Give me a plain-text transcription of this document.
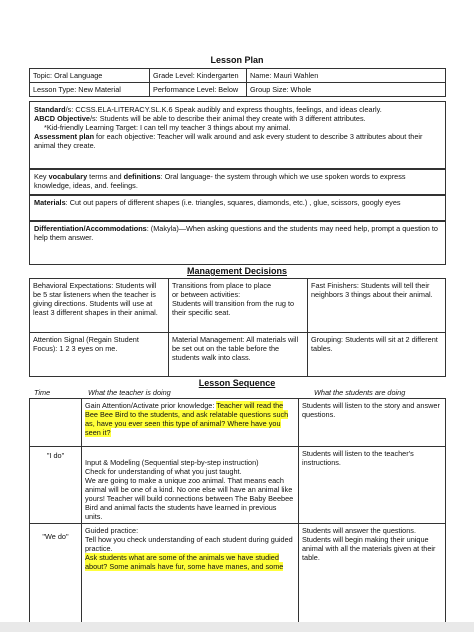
Lesson Plan
Topic: Oral Language	Grade Level: Kindergarten	Name: Mauri Wahlen
Lesson Type: New Material	Performance Level: Below	Group Size: Whole
Standard/s: CCSS.ELA-LITERACY.SL.K.6 Speak audibly and express thoughts, feelings, and ideas clearly.
ABCD Objective/s: Students will be able to describe their animal they create with 3 different attributes.
*Kid-friendly Learning Target: I can tell my teacher 3 things about my animal.
Assessment plan for each objective: Teacher will walk around and ask every student to describe 3 attributes about their animal they create.
Key vocabulary terms and definitions: Oral language- the system through which we use spoken words to express knowledge, ideas, and. feelings.
Materials: Cut out papers of different shapes (i.e. triangles, squares, diamonds, etc.) , glue, scissors, googly eyes
Differentiation/Accommodations: (Makyla)—When asking questions and the students may need help, prompt a question to help them answer.
Management Decisions
Behavioral Expectations: Students will be 5 star listeners when the teacher is giving directions. Students will use at least 3 different shapes in their animal.	Transitions from place to place
or between activities:
Students will transition from the rug to their specific seat.	Fast Finishers: Students will tell their neighbors 3 things about their animal.
Attention Signal (Regain Student Focus): 1 2 3 eyes on me.	Material Management: All materials will be set out on the table before the students walk into class.	Grouping: Students will sit at 2 different tables.
Lesson Sequence
Time	What the teacher is doing	What the students are doing
	Gain Attention/Activate prior knowledge: Teacher will read the Bee Bee Bird to the students, and ask relatable questions such as, have you ever seen this type of animal? Where have you seen it?	Students will listen to the story and answer questions.
"I do"	Input & Modeling (Sequential step-by-step instruction)
Check for understanding of what you just taught.
We are going to make a unique zoo animal. That means each animal will be one of a kind. No one else will have an animal like yours! Teacher will build connections between The Baby Beebee Bird and animal facts the students have learned in previous units.	Students will listen to the teacher's instructions.
"We do"	Guided practice:
Tell how you check understanding of each student during guided practice.
Ask students what are some of the animals we have studied about? Some animals have fur, some have manes, and some	Students will answer the questions.
Students will begin making their unique animal with all the materials given at their table.
